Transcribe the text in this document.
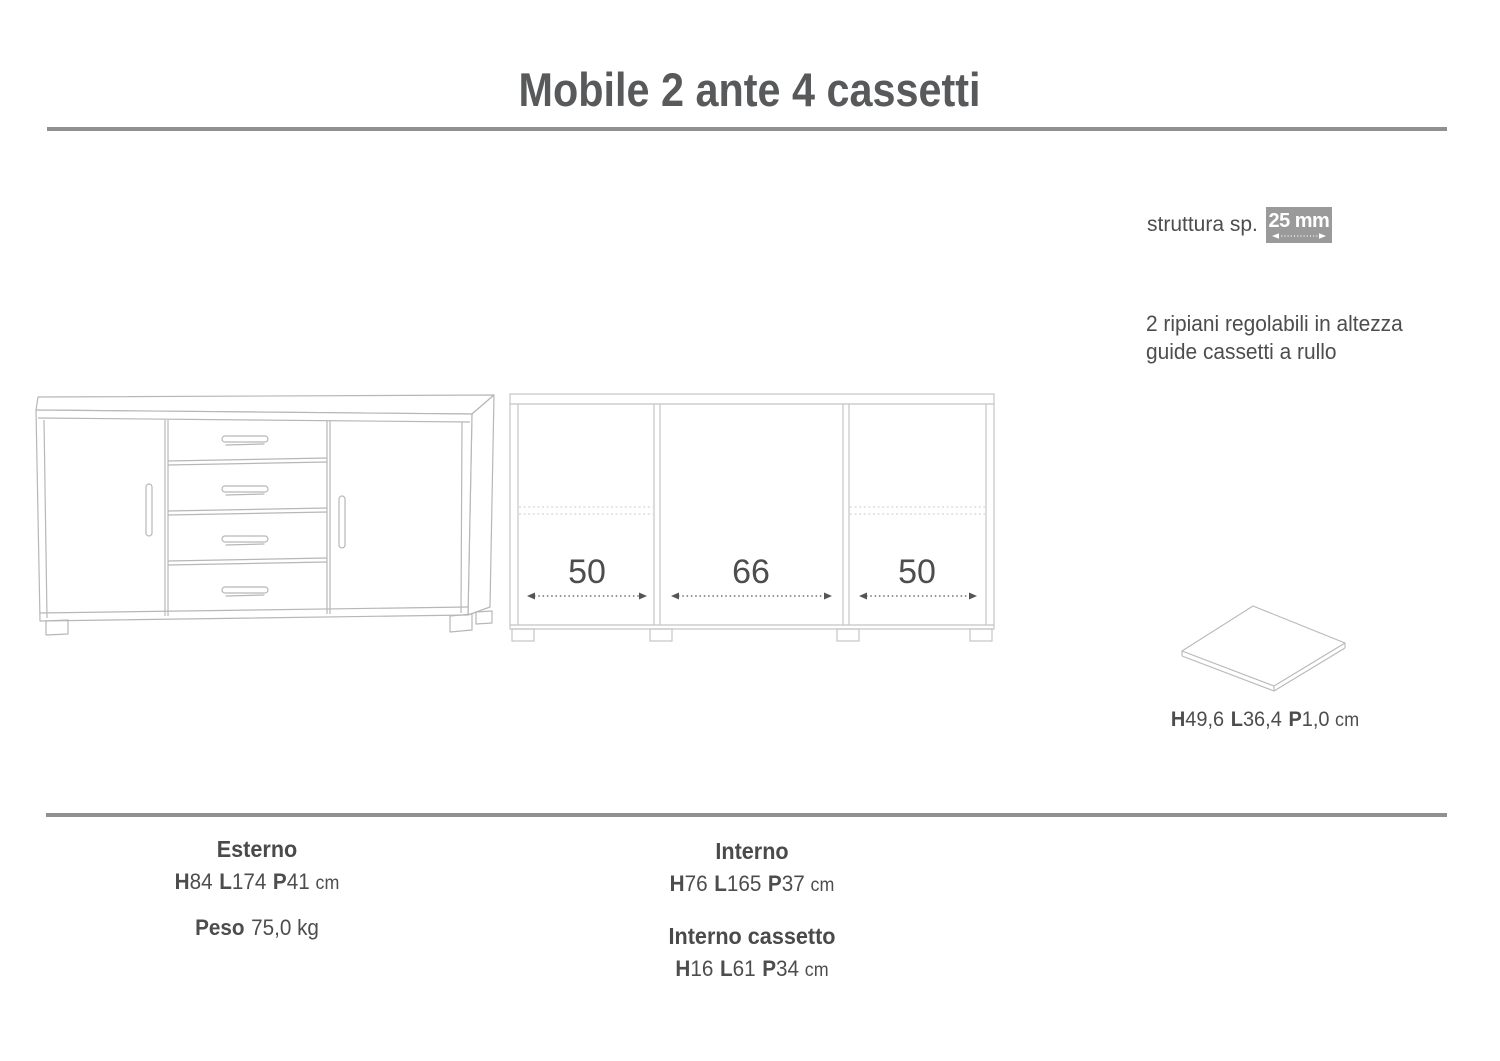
Mobile 2 ante 4 cassetti
struttura sp. 25 mm
2 ripiani regolabili in altezza
guide cassetti a rullo
50	66	50
H49,6 L36,4 P1,0 cm
Esterno
H84 L174 P41 cm
Peso 75,0 kg
Interno
H76 L165 P37 cm
Interno cassetto
H16 L61 P34 cm
